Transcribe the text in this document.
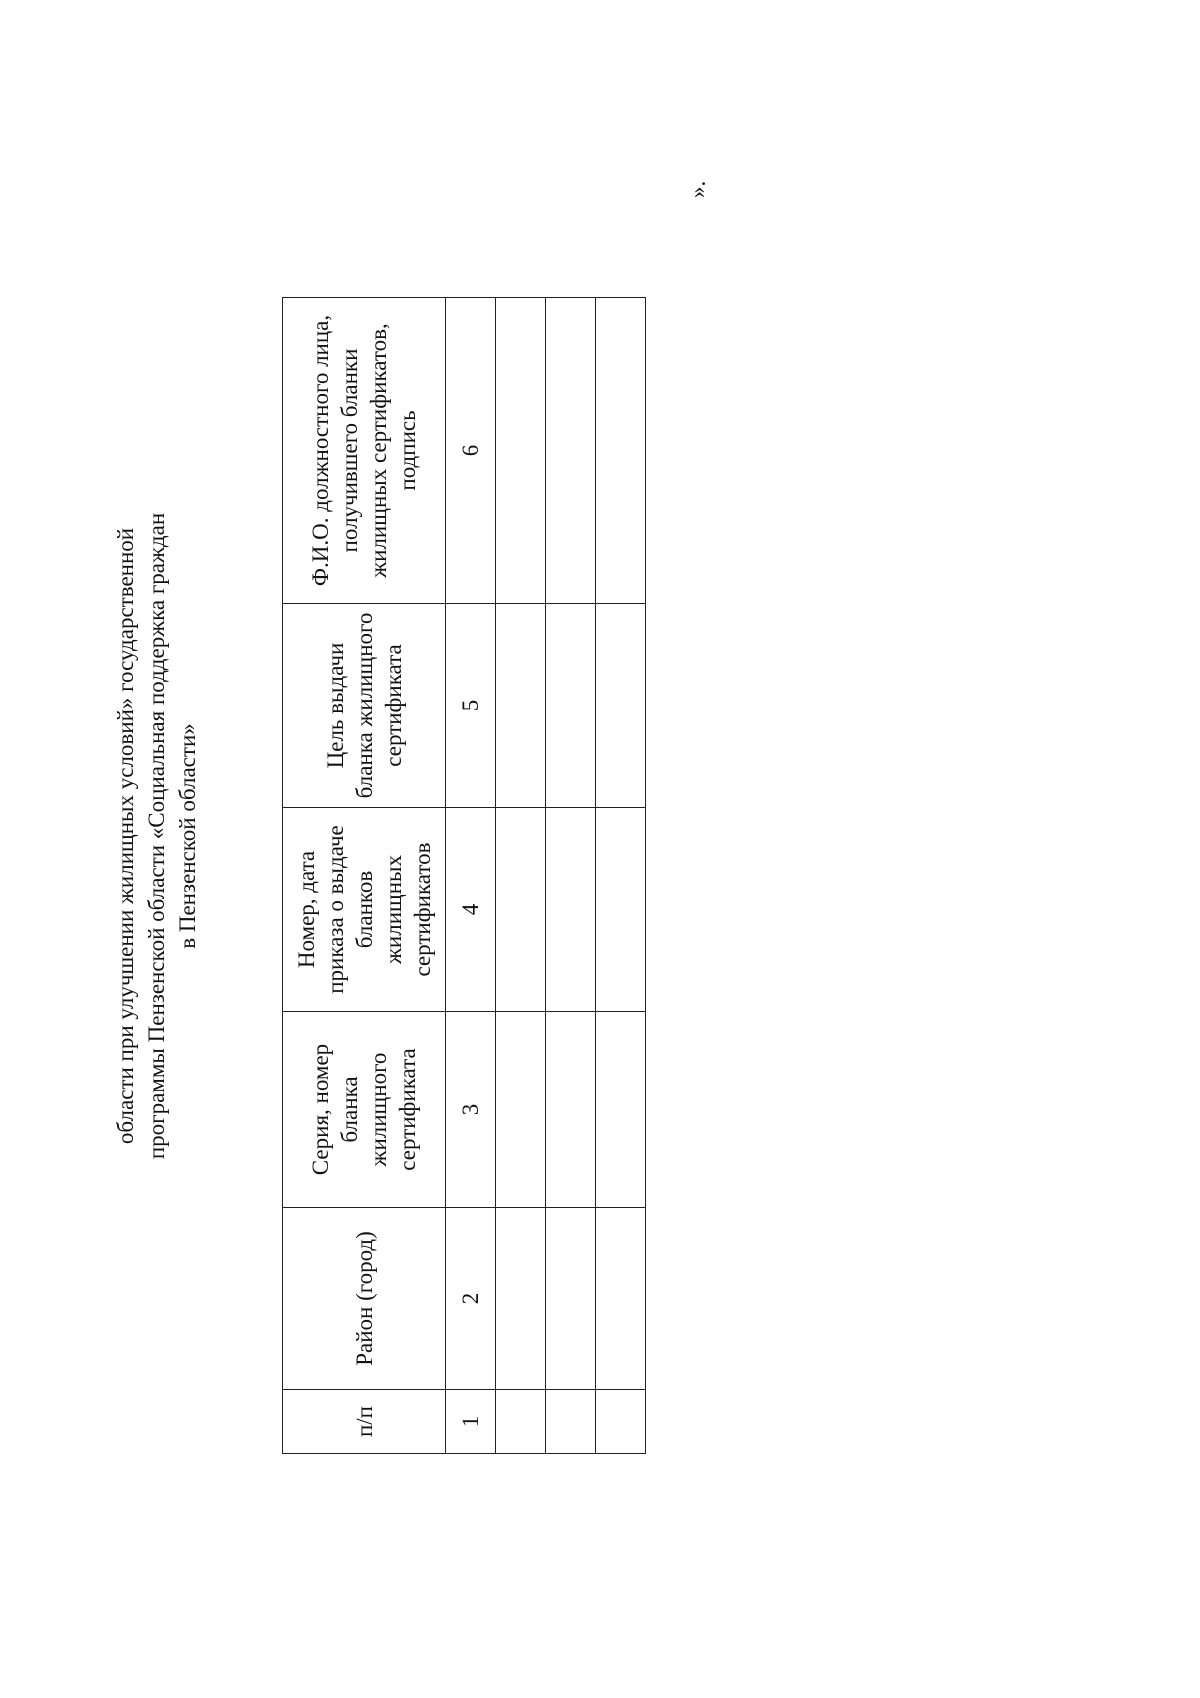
области при улучшении жилищных условий» государственной программы Пензенской области «Социальная поддержка граждан в Пензенской области»
п/п	Район (город)	Серия, номер бланка жилищного сертификата	Номер, дата приказа о выдаче бланков жилищных сертификатов	Цель выдачи бланка жилищного сертификата	Ф.И.О. должностного лица, получившего бланки жилищных сертификатов, подпись
1	2	3	4	5	6

».
